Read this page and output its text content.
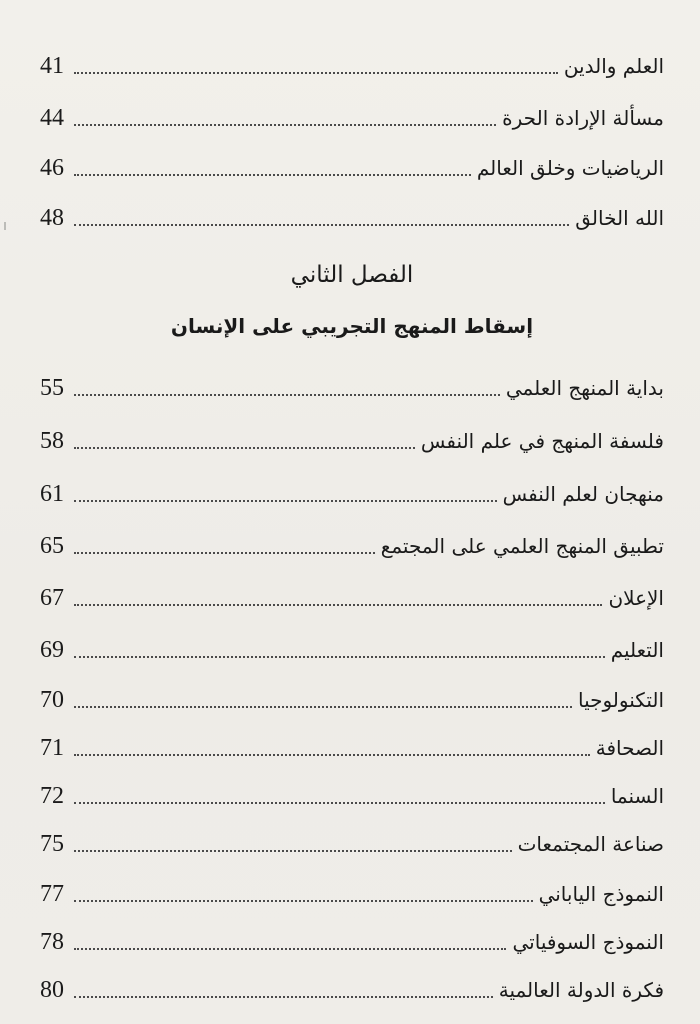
41	العلم والدين
44	مسألة الإرادة الحرة
46	الرياضيات وخلق العالم
48	الله الخالق
الفصل الثاني
إسقاط المنهج التجريبي على الإنسان
55	بداية المنهج العلمي
58	فلسفة المنهج في علم النفس
61	منهجان لعلم النفس
65	تطبيق المنهج العلمي على المجتمع
67	الإعلان
69	التعليم
70	التكنولوجيا
71	الصحافة
72	السنما
75	صناعة المجتمعات
77	النموذج الياباني
78	النموذج السوفياتي
80	فكرة الدولة العالمية
